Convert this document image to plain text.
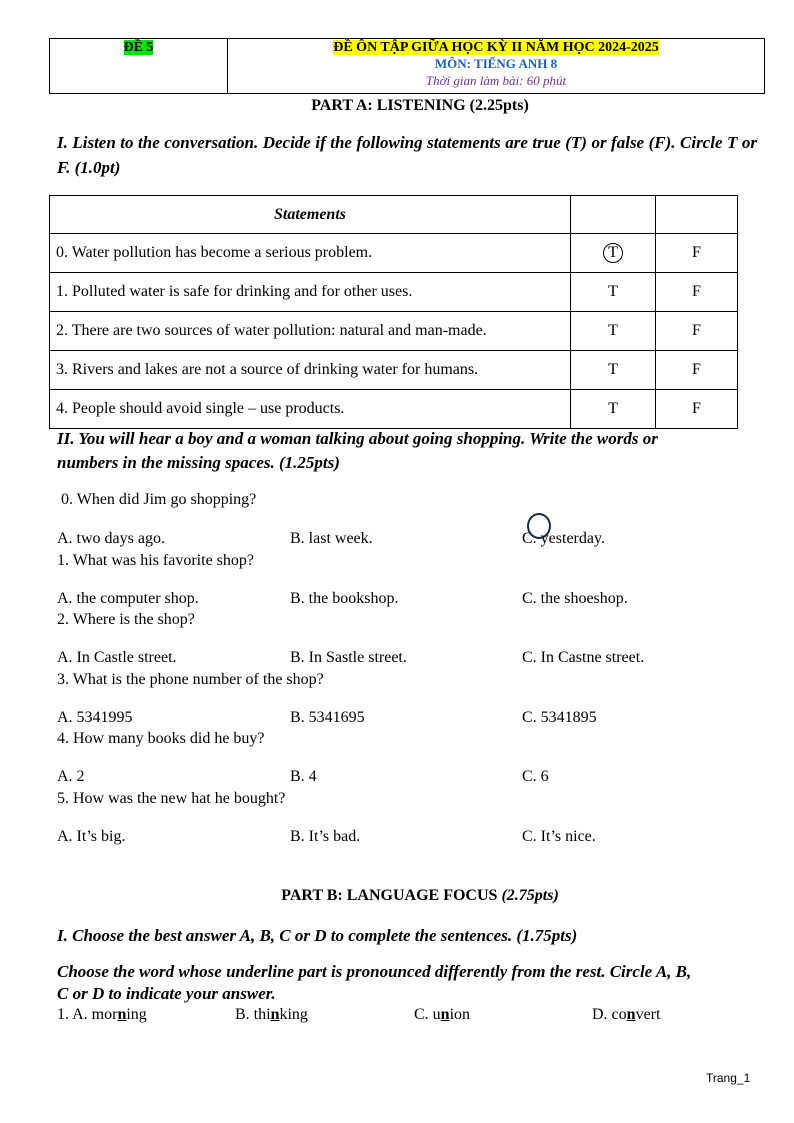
ĐỀ 5	ĐỀ ÔN TẬP GIỮA HỌC KỲ II NĂM HỌC 2024-2025
MÔN: TIẾNG ANH 8
Thời gian làm bài: 60 phút
PART A: LISTENING (2.25pts)
I. Listen to the conversation. Decide if the following statements are true (T) or false (F). Circle T or F. (1.0pt)
Statements		
0. Water pollution has become a serious problem.	T	F
1. Polluted water is safe for drinking and for other uses.	T	F
2. There are two sources of water pollution: natural and man-made.	T	F
3. Rivers and lakes are not a source of drinking water for humans.	T	F
4. People should avoid single – use products.	T	F
II. You will hear a boy and a woman talking about going shopping. Write the words or
numbers in the missing spaces. (1.25pts)
0. When did Jim go shopping?
A. two days ago.	B. last week.	C. yesterday.
1. What was his favorite shop?
A. the computer shop.	B. the bookshop.	C. the shoeshop.
2. Where is the shop?
A. In Castle street.	B. In Sastle street.	C. In Castne street.
3. What is the phone number of the shop?
A. 5341995	B. 5341695	C. 5341895
4. How many books did he buy?
A. 2	B. 4	C. 6
5. How was the new hat he bought?
A. It’s big.	B. It’s bad.	C. It’s nice.
PART B: LANGUAGE FOCUS (2.75pts)
I. Choose the best answer A, B, C or D to complete the sentences. (1.75pts)
Choose the word whose underline part is pronounced differently from the rest. Circle A, B,
C or D to indicate your answer.
1. A. morning	B. thinking	C. union	D. convert
Trang_1
